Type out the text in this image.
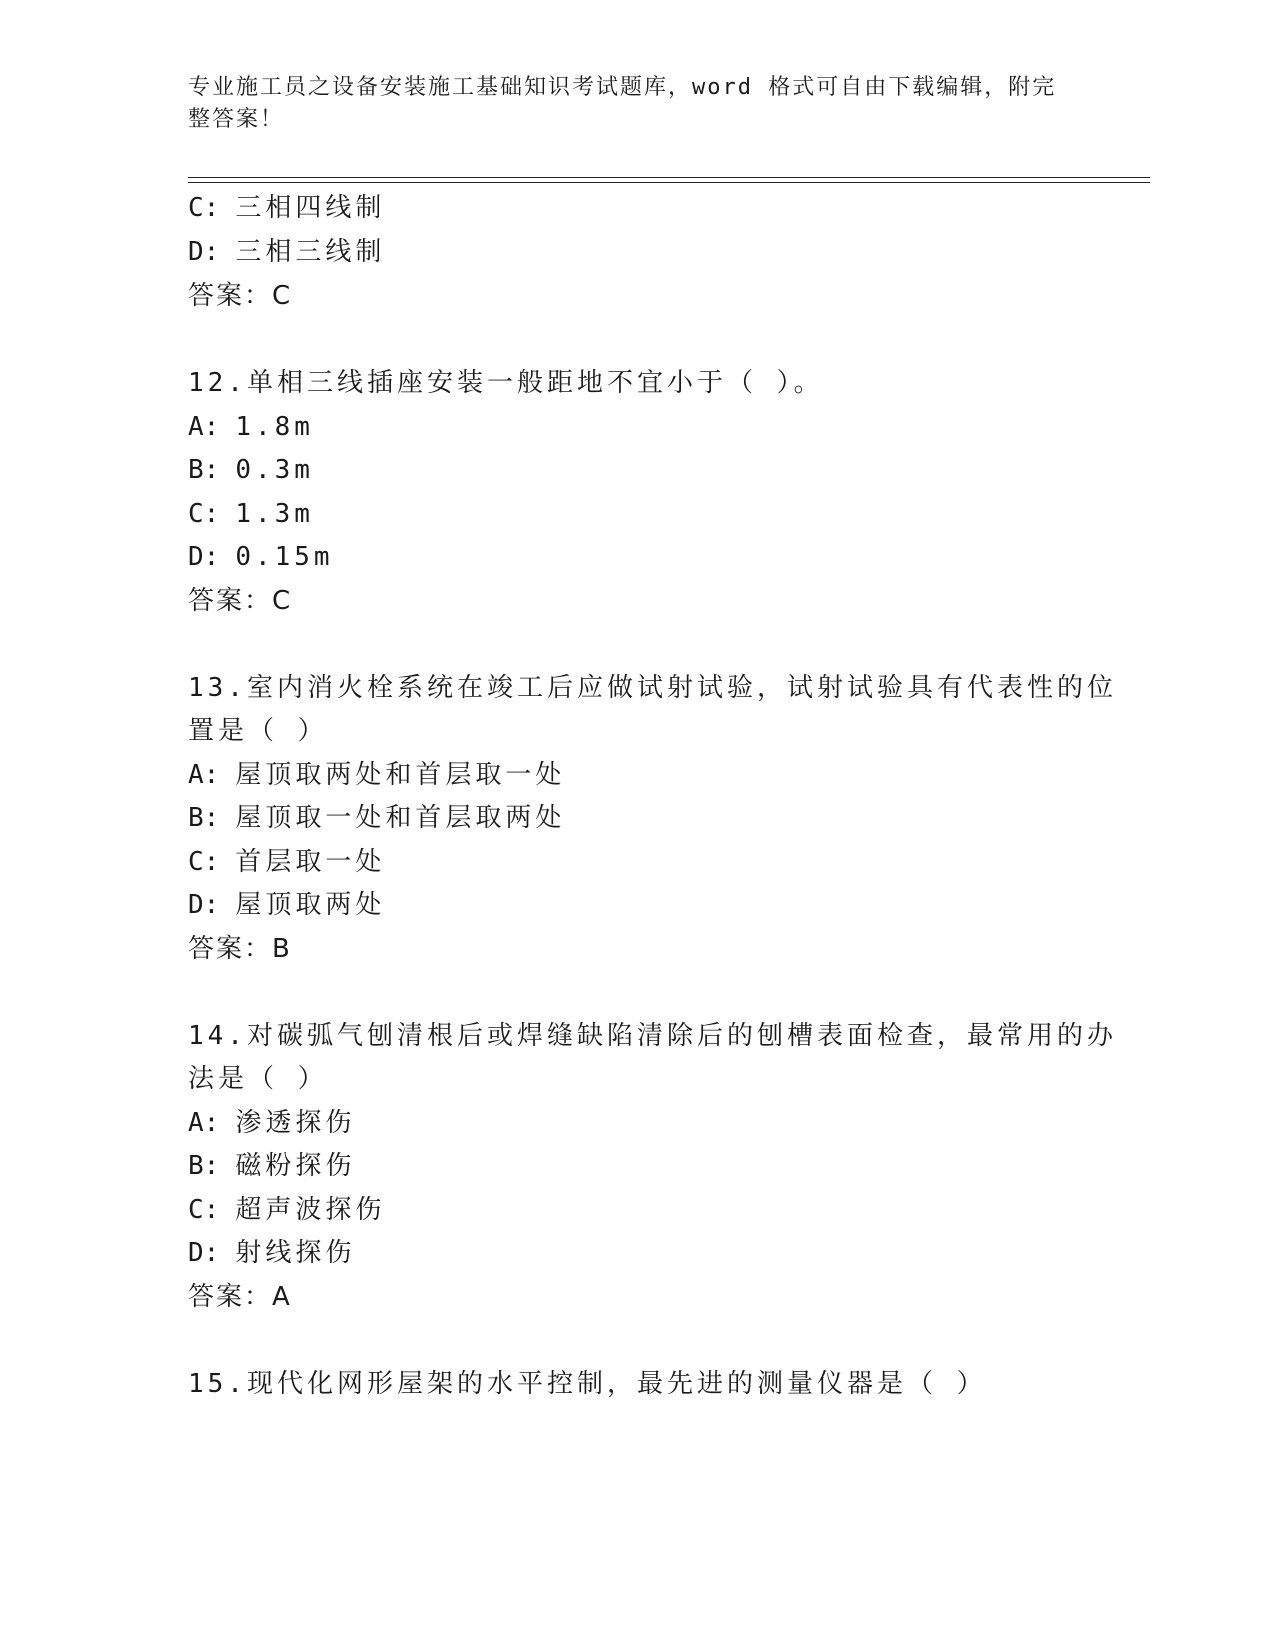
专业施工员之设备安装施工基础知识考试题库，word 格式可自由下载编辑，附完
整答案！
C: 三相四线制
D: 三相三线制
答案：C
12.单相三线插座安装一般距地不宜小于（ ）。
A: 1.8m
B: 0.3m
C: 1.3m
D: 0.15m
答案：C
13.室内消火栓系统在竣工后应做试射试验，试射试验具有代表性的位
置是（ ）
A: 屋顶取两处和首层取一处
B: 屋顶取一处和首层取两处
C: 首层取一处
D: 屋顶取两处
答案：B
14.对碳弧气刨清根后或焊缝缺陷清除后的刨槽表面检查，最常用的办
法是（ ）
A: 渗透探伤
B: 磁粉探伤
C: 超声波探伤
D: 射线探伤
答案：A
15.现代化网形屋架的水平控制，最先进的测量仪器是（ ）
